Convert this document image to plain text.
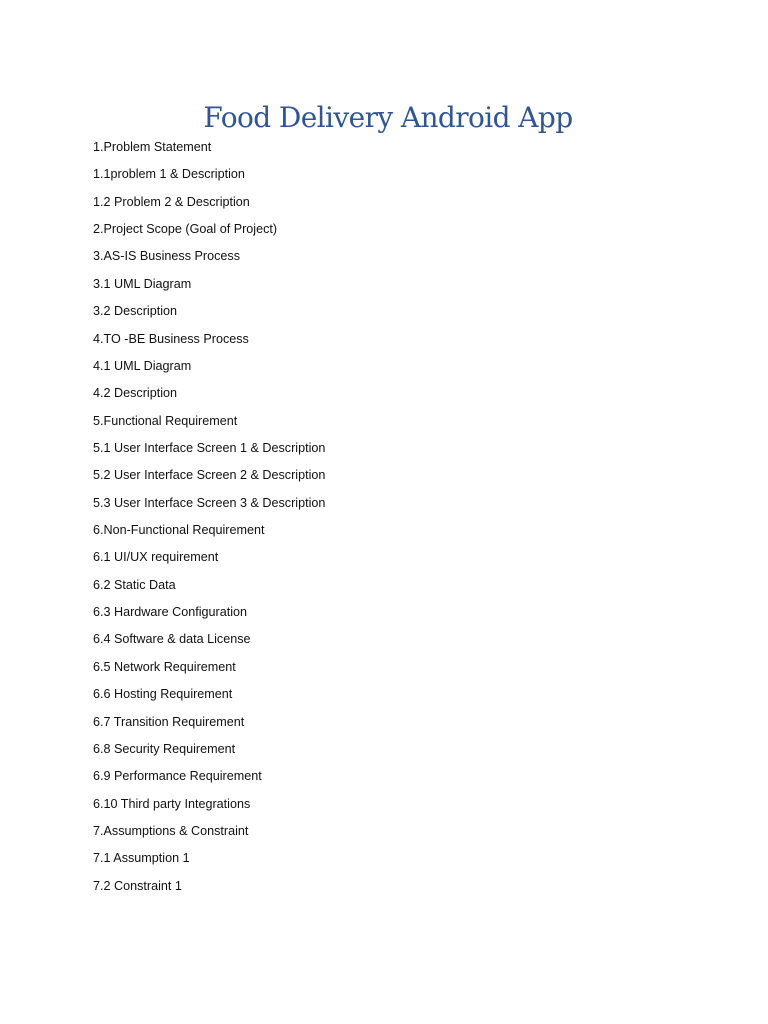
Food Delivery Android App
1.Problem Statement
1.1problem 1 & Description
1.2 Problem 2 & Description
2.Project Scope (Goal of Project)
3.AS-IS Business Process
3.1 UML Diagram
3.2 Description
4.TO -BE Business Process
4.1 UML Diagram
4.2 Description
5.Functional Requirement
5.1 User Interface Screen 1 & Description
5.2 User Interface Screen 2 & Description
5.3 User Interface Screen 3 & Description
6.Non-Functional Requirement
6.1 UI/UX requirement
6.2 Static Data
6.3 Hardware Configuration
6.4 Software & data License
6.5 Network Requirement
6.6 Hosting Requirement
6.7 Transition Requirement
6.8 Security Requirement
6.9 Performance Requirement
6.10 Third party Integrations
7.Assumptions & Constraint
7.1 Assumption 1
7.2 Constraint 1
